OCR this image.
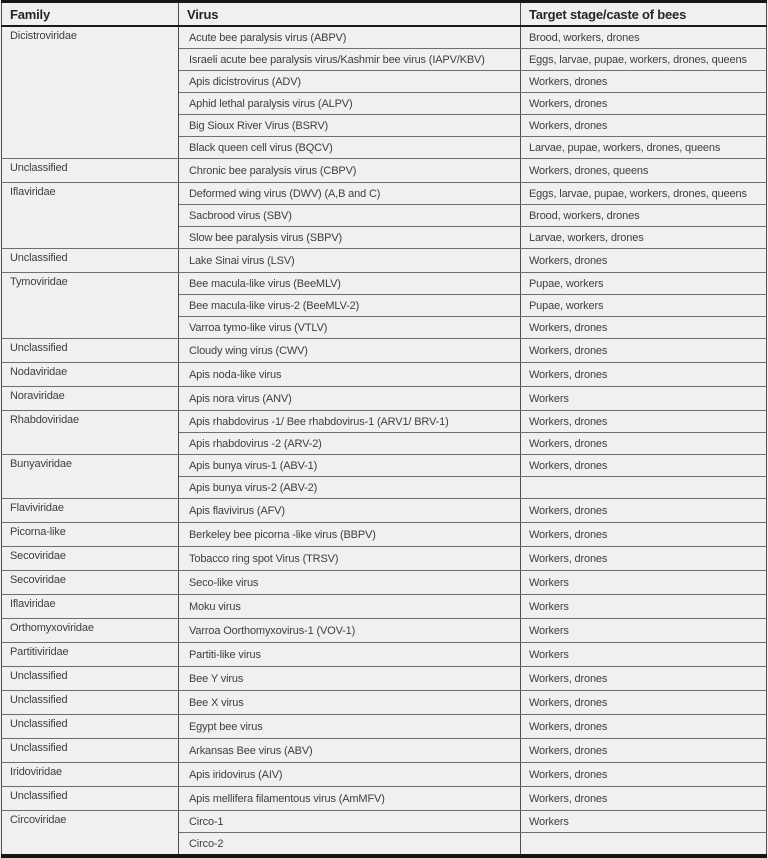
Family	Virus	Target stage/caste of bees
Dicistroviridae	Acute bee paralysis virus (ABPV)	Brood, workers, drones
	Israeli acute bee paralysis virus/Kashmir bee virus (IAPV/KBV)	Eggs, larvae, pupae, workers, drones, queens
	Apis dicistrovirus (ADV)	Workers, drones
	Aphid lethal paralysis virus (ALPV)	Workers, drones
	Big Sioux River Virus (BSRV)	Workers, drones
	Black queen cell virus (BQCV)	Larvae, pupae, workers, drones, queens
Unclassified	Chronic bee paralysis virus (CBPV)	Workers, drones, queens
Iflaviridae	Deformed wing virus (DWV) (A,B and C)	Eggs, larvae, pupae, workers, drones, queens
	Sacbrood virus (SBV)	Brood, workers, drones
	Slow bee paralysis virus (SBPV)	Larvae, workers, drones
Unclassified	Lake Sinai virus (LSV)	Workers, drones
Tymoviridae	Bee macula-like virus (BeeMLV)	Pupae, workers
	Bee macula-like virus-2 (BeeMLV-2)	Pupae, workers
	Varroa tymo-like virus (VTLV)	Workers, drones
Unclassified	Cloudy wing virus (CWV)	Workers, drones
Nodaviridae	Apis noda-like virus	Workers, drones
Noraviridae	Apis nora virus (ANV)	Workers
Rhabdoviridae	Apis rhabdovirus -1/ Bee rhabdovirus-1 (ARV1/ BRV-1)	Workers, drones
	Apis rhabdovirus -2 (ARV-2)	Workers, drones
Bunyaviridae	Apis bunya virus-1 (ABV-1)	Workers, drones
	Apis bunya virus-2 (ABV-2)	
Flaviviridae	Apis flavivirus (AFV)	Workers, drones
Picorna-like	Berkeley bee picorna -like virus (BBPV)	Workers, drones
Secoviridae	Tobacco ring spot Virus (TRSV)	Workers, drones
Secoviridae	Seco-like virus	Workers
Iflaviridae	Moku virus	Workers
Orthomyxoviridae	Varroa Oorthomyxovirus-1 (VOV-1)	Workers
Partitiviridae	Partiti-like virus	Workers
Unclassified	Bee Y virus	Workers, drones
Unclassified	Bee X virus	Workers, drones
Unclassified	Egypt bee virus	Workers, drones
Unclassified	Arkansas Bee virus (ABV)	Workers, drones
Iridoviridae	Apis iridovirus (AIV)	Workers, drones
Unclassified	Apis mellifera filamentous virus (AmMFV)	Workers, drones
Circoviridae	Circo-1	Workers
	Circo-2	
